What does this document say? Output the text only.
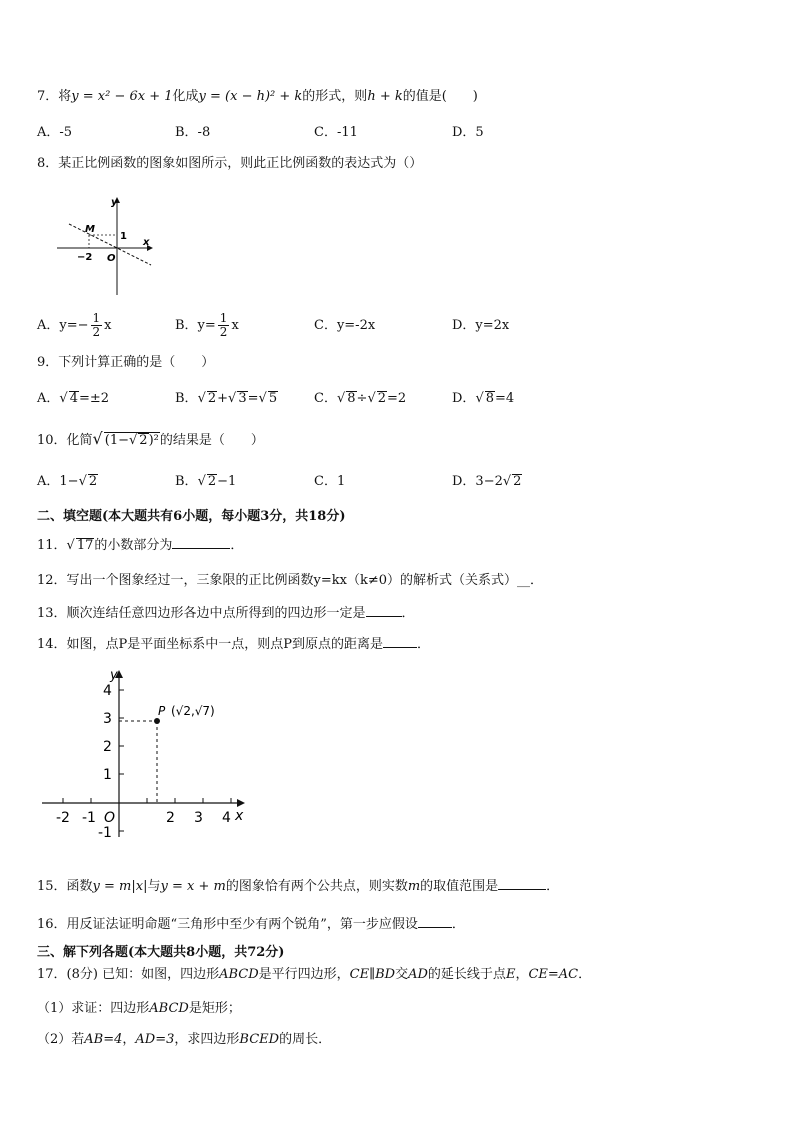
7．将y = x² − 6x + 1化成y = (x − h)² + k的形式，则h + k的值是(　　)
A．-5	B．-8	C．-11	D．5
8．某正比例函数的图象如图所示，则此正比例函数的表达式为（）
y
x
M
1
−2 O
A．$y=- \frac{1}{2}$ x	B．$y= \frac{1}{2}$ x	C．y=-2x	D．y=2x
9．下列计算正确的是（　　）
A．√ 4=±2	B．√ 2+√ 3=√ 5	C．√ 8÷√ 2=2	D．√ 8=4
10．化简√ (1−√ 2)²的结果是（　　）
A．1−√ 2	B．√ 2−1	C．1	D．3−2√ 2
二、填空题(本大题共有6小题，每小题3分，共18分)
11．√ 17的小数部分为	．
12．写出一个图象经过一，三象限的正比例函数y=kx（k≠0）的解析式（关系式）__．
13．顺次连结任意四边形各边中点所得到的四边形一定是	．
14．如图，点P是平面坐标系中一点，则点P到原点的距离是	．
y
x
O
P (√2,√7)
4
3
2
1
-1
-2 -1	2 3 4
15．函数y = m|x|与y = x + m的图象恰有两个公共点，则实数m的取值范围是	．
16．用反证法证明命题“三角形中至少有两个锐角”，第一步应假设	．
三、解下列各题(本大题共8小题，共72分)
17．(8分) 已知：如图，四边形ABCD是平行四边形，CE∥BD交AD的延长线于点E，CE=AC．
（1）求证：四边形ABCD是矩形；
（2）若AB=4，AD=3，求四边形BCED的周长．
